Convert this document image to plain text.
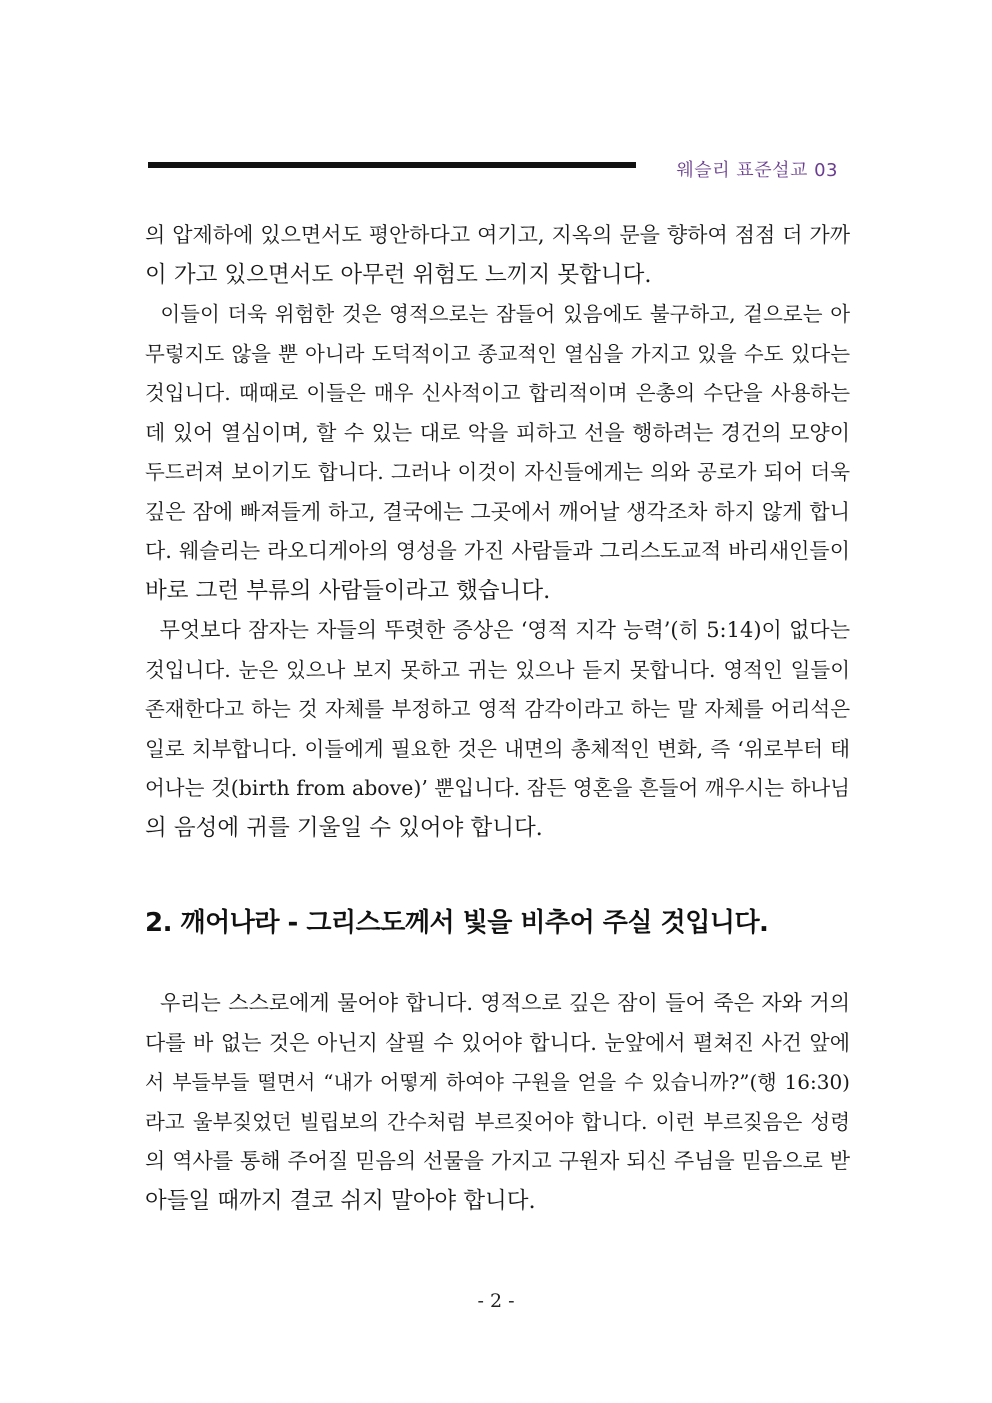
웨슬리 표준설교 03
의 압제하에 있으면서도 평안하다고 여기고, 지옥의 문을 향하여 점점 더 가까
이 가고 있으면서도 아무런 위험도 느끼지 못합니다.
이들이 더욱 위험한 것은 영적으로는 잠들어 있음에도 불구하고, 겉으로는 아
무렇지도 않을 뿐 아니라 도덕적이고 종교적인 열심을 가지고 있을 수도 있다는
것입니다. 때때로 이들은 매우 신사적이고 합리적이며 은총의 수단을 사용하는
데 있어 열심이며, 할 수 있는 대로 악을 피하고 선을 행하려는 경건의 모양이
두드러져 보이기도 합니다. 그러나 이것이 자신들에게는 의와 공로가 되어 더욱
깊은 잠에 빠져들게 하고, 결국에는 그곳에서 깨어날 생각조차 하지 않게 합니
다. 웨슬리는 라오디게아의 영성을 가진 사람들과 그리스도교적 바리새인들이
바로 그런 부류의 사람들이라고 했습니다.
무엇보다 잠자는 자들의 뚜렷한 증상은 ‘영적 지각 능력’(히 5:14)이 없다는
것입니다. 눈은 있으나 보지 못하고 귀는 있으나 듣지 못합니다. 영적인 일들이
존재한다고 하는 것 자체를 부정하고 영적 감각이라고 하는 말 자체를 어리석은
일로 치부합니다. 이들에게 필요한 것은 내면의 총체적인 변화, 즉 ‘위로부터 태
어나는 것(birth from above)’ 뿐입니다. 잠든 영혼을 흔들어 깨우시는 하나님
의 음성에 귀를 기울일 수 있어야 합니다.
2. 깨어나라 - 그리스도께서 빛을 비추어 주실 것입니다.
우리는 스스로에게 물어야 합니다. 영적으로 깊은 잠이 들어 죽은 자와 거의
다를 바 없는 것은 아닌지 살필 수 있어야 합니다. 눈앞에서 펼쳐진 사건 앞에
서 부들부들 떨면서 “내가 어떻게 하여야 구원을 얻을 수 있습니까?”(행 16:30)
라고 울부짖었던 빌립보의 간수처럼 부르짖어야 합니다. 이런 부르짖음은 성령
의 역사를 통해 주어질 믿음의 선물을 가지고 구원자 되신 주님을 믿음으로 받
아들일 때까지 결코 쉬지 말아야 합니다.
- 2 -
